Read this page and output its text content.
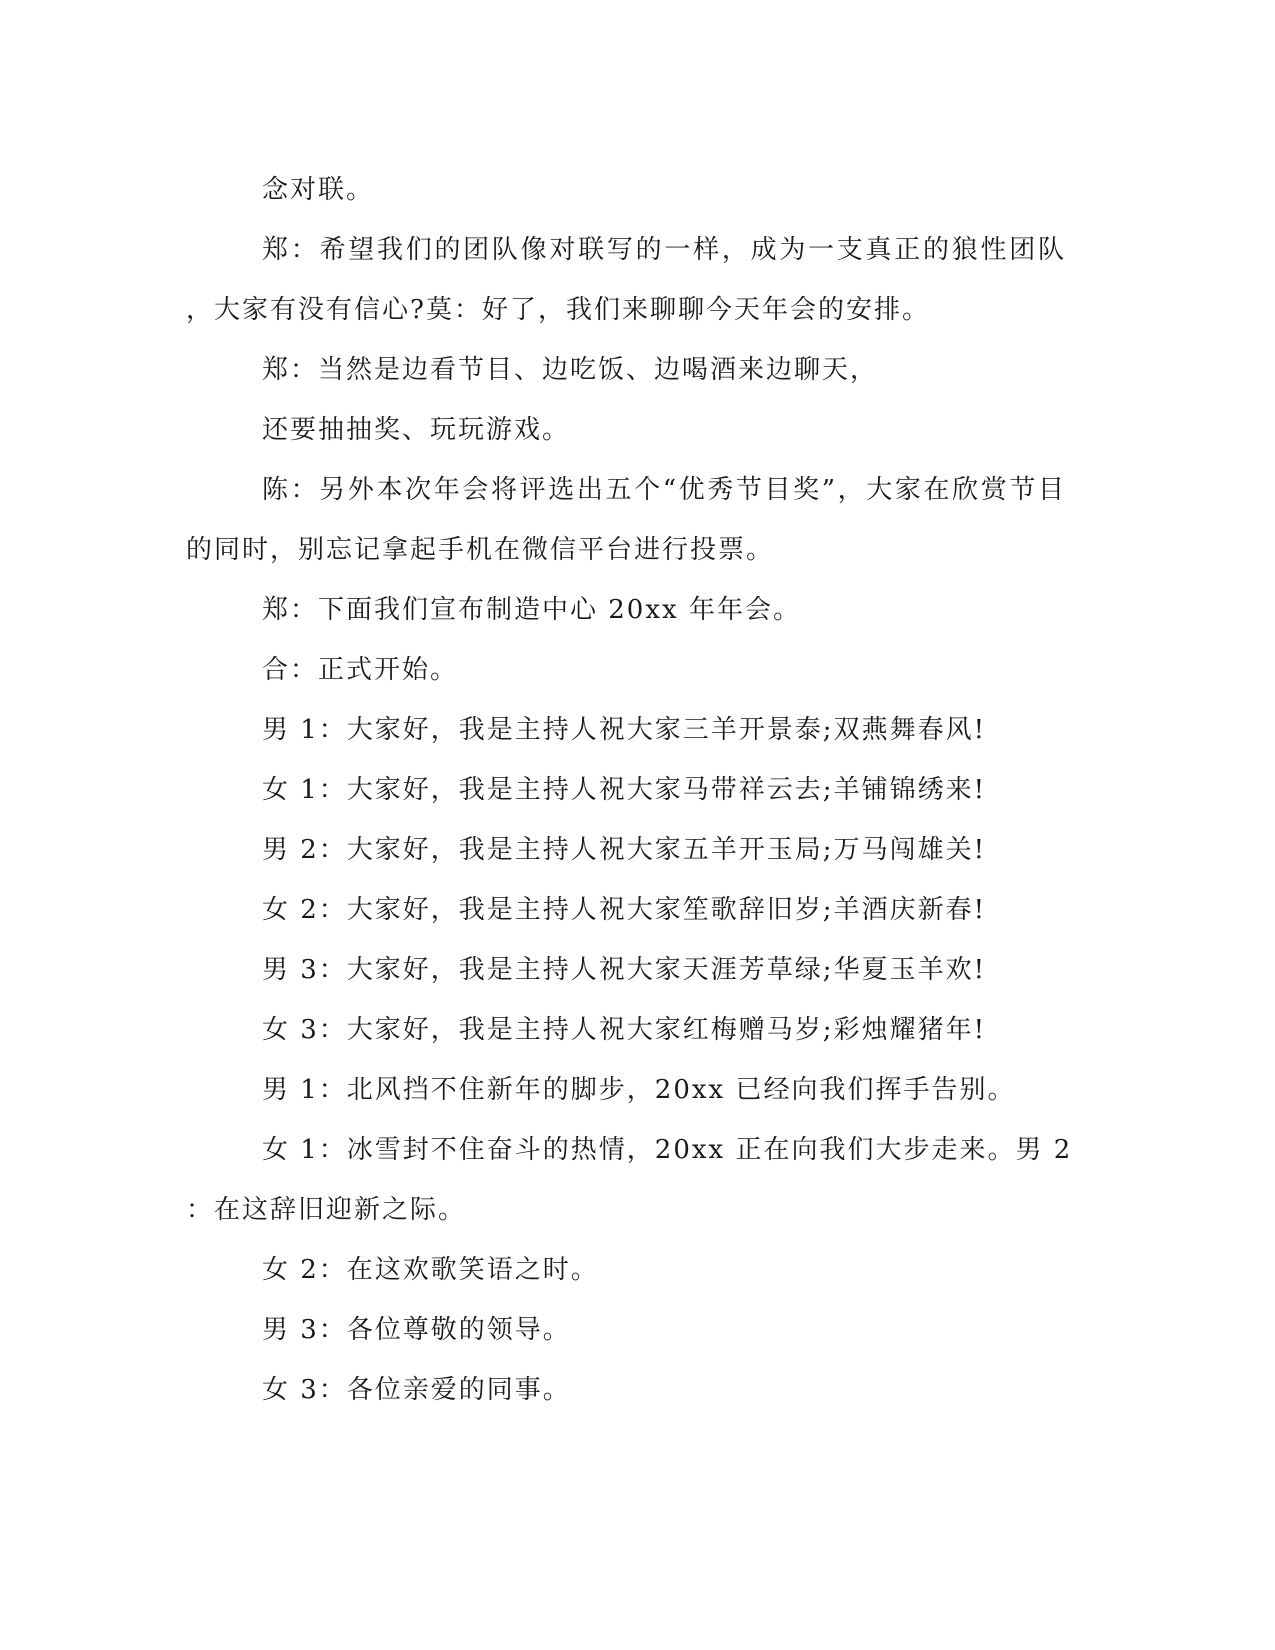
念对联。
郑：希望我们的团队像对联写的一样，成为一支真正的狼性团队
，大家有没有信心?莫：好了，我们来聊聊今天年会的安排。
郑：当然是边看节目、边吃饭、边喝酒来边聊天，
还要抽抽奖、玩玩游戏。
陈：另外本次年会将评选出五个“优秀节目奖”，大家在欣赏节目
的同时，别忘记拿起手机在微信平台进行投票。
郑：下面我们宣布制造中心 20xx 年年会。
合：正式开始。
男 1：大家好，我是主持人祝大家三羊开景泰;双燕舞春风!
女 1：大家好，我是主持人祝大家马带祥云去;羊铺锦绣来!
男 2：大家好，我是主持人祝大家五羊开玉局;万马闯雄关!
女 2：大家好，我是主持人祝大家笙歌辞旧岁;羊酒庆新春!
男 3：大家好，我是主持人祝大家天涯芳草绿;华夏玉羊欢!
女 3：大家好，我是主持人祝大家红梅赠马岁;彩烛耀猪年!
男 1：北风挡不住新年的脚步，20xx 已经向我们挥手告别。
女 1：冰雪封不住奋斗的热情，20xx 正在向我们大步走来。男 2
：在这辞旧迎新之际。
女 2：在这欢歌笑语之时。
男 3：各位尊敬的领导。
女 3：各位亲爱的同事。
